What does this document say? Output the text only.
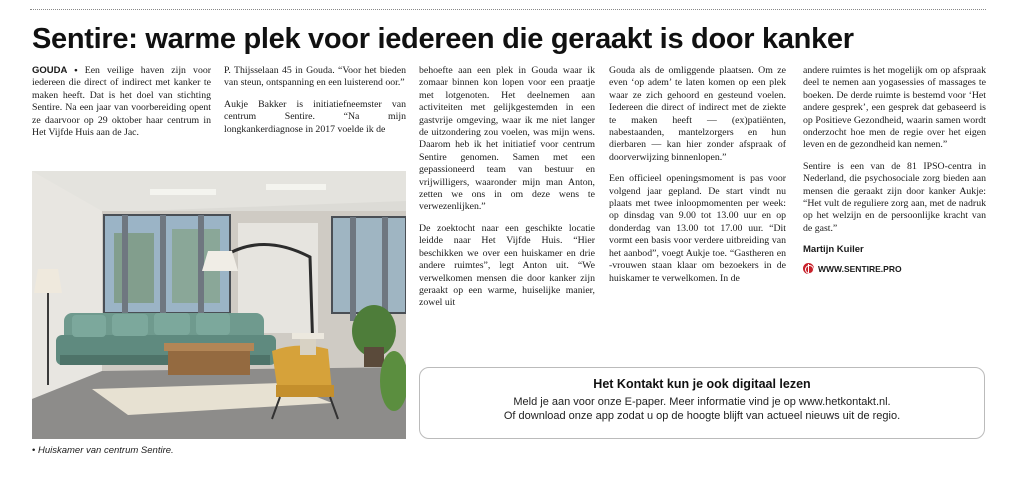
Sentire: warme plek voor iedereen die geraakt is door kanker

GOUDA • Een veilige haven zijn voor iedereen die direct of indirect met kanker te maken heeft. Dat is het doel van stichting Sentire. Na een jaar van voorbereiding opent ze daarvoor op 29 oktober haar centrum in Het Vijfde Huis aan de Jac.

P. Thijsselaan 45 in Gouda. “Voor het bieden van steun, ontspanning en een luisterend oor.”

Aukje Bakker is initiatiefneemster van centrum Sentire. “Na mijn longkankerdiagnose in 2017 voelde ik de

behoefte aan een plek in Gouda waar ik zomaar binnen kon lopen voor een praatje met lotgenoten. Het deelnemen aan activiteiten met gelijkgestemden in een gastvrije omgeving, waar ik me niet langer de uitzondering zou voelen, was mijn wens. Daarom heb ik het initiatief voor centrum Sentire genomen. Samen met een gepassioneerd team van bestuur en vrijwilligers, waaronder mijn man Anton, zetten we ons in om deze wens te verwezenlijken.”

De zoektocht naar een geschikte locatie leidde naar Het Vijfde Huis. “Hier beschikken we over een huiskamer en drie andere ruimtes”, legt Anton uit. “We verwelkomen mensen die door kanker zijn geraakt op een warme, huiselijke manier, zowel uit

Gouda als de omliggende plaatsen. Om ze even ‘op adem’ te laten komen op een plek waar ze zich gehoord en gesteund voelen. Iedereen die direct of indirect met de ziekte te maken heeft — (ex)patiënten, nabestaanden, mantelzorgers en hun dierbaren — kan hier zonder afspraak of doorverwijzing binnenlopen.”

Een officieel openingsmoment is pas voor volgend jaar gepland. De start vindt nu plaats met twee inloopmomenten per week: op dinsdag van 9.00 tot 13.00 uur en op donderdag van 13.00 tot 17.00 uur. “Dit vormt een basis voor verdere uitbreiding van het aanbod”, voegt Aukje toe. “Gastheren en -vrouwen staan klaar om bezoekers in de huiskamer te verwelkomen. In de

andere ruimtes is het mogelijk om op afspraak deel te nemen aan yogasessies of massages te boeken. De derde ruimte is bestemd voor ‘Het andere gesprek’, een gesprek dat gebaseerd is op Positieve Gezondheid, waarin samen wordt onderzocht hoe men de regie over het eigen leven en de gezondheid kan nemen.”

Sentire is een van de 81 IPSO-centra in Nederland, die psychosociale zorg bieden aan mensen die geraakt zijn door kanker Aukje: “Het vult de reguliere zorg aan, met de nadruk op het welzijn en de persoonlijke kracht van de gast.”

Martijn Kuiler
WWW.SENTIRE.PRO
• Huiskamer van centrum Sentire.
Het Kontakt kun je ook digitaal lezen
Meld je aan voor onze E-paper. Meer informatie vind je op www.hetkontakt.nl.
Of download onze app zodat u op de hoogte blijft van actueel nieuws uit de regio.
